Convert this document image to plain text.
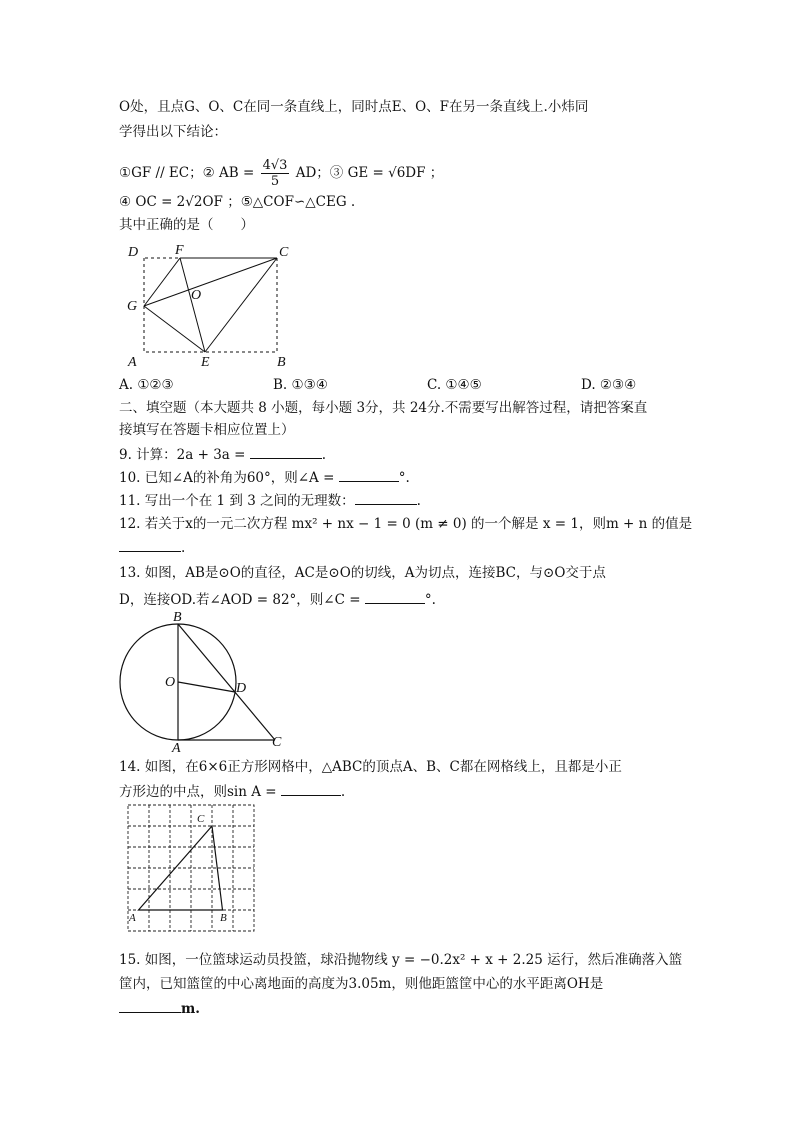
O处，且点G、O、C在同一条直线上，同时点E、O、F在另一条直线上.小炜同
学得出以下结论：
①GF // EC；② AB = $\frac{4√3}{5}$ AD；③ GE = √6DF ；
④ OC = 2√2OF ；⑤△COF∽△CEG .
其中正确的是（　　）
D	F	C
G
O
A	E	B
A. ①②③	B. ①③④	C. ①④⑤	D. ②③④
二、填空题（本大题共 8 小题，每小题 3分，共 24分.不需要写出解答过程，请把答案直
接填写在答题卡相应位置上）
9. 计算：2a + 3a =	.
10. 已知∠A的补角为60°，则∠A =	°.
11. 写出一个在 1 到 3 之间的无理数：	.
12. 若关于x的一元二次方程 mx² + nx − 1 = 0 (m ≠ 0) 的一个解是 x = 1，则m + n 的值是
.
13. 如图，AB是⊙O的直径，AC是⊙O的切线，A为切点，连接BC，与⊙O交于点
D，连接OD.若∠AOD = 82°，则∠C =	°.
B
O	D
A	C
14. 如图，在6×6正方形网格中，△ABC的顶点A、B、C都在网格线上，且都是小正
方形边的中点，则sin A =	.
A	B
C
15. 如图，一位篮球运动员投篮，球沿抛物线 y = −0.2x² + x + 2.25 运行，然后准确落入篮
筐内，已知篮筐的中心离地面的高度为3.05m，则他距篮筐中心的水平距离OH是
m.
